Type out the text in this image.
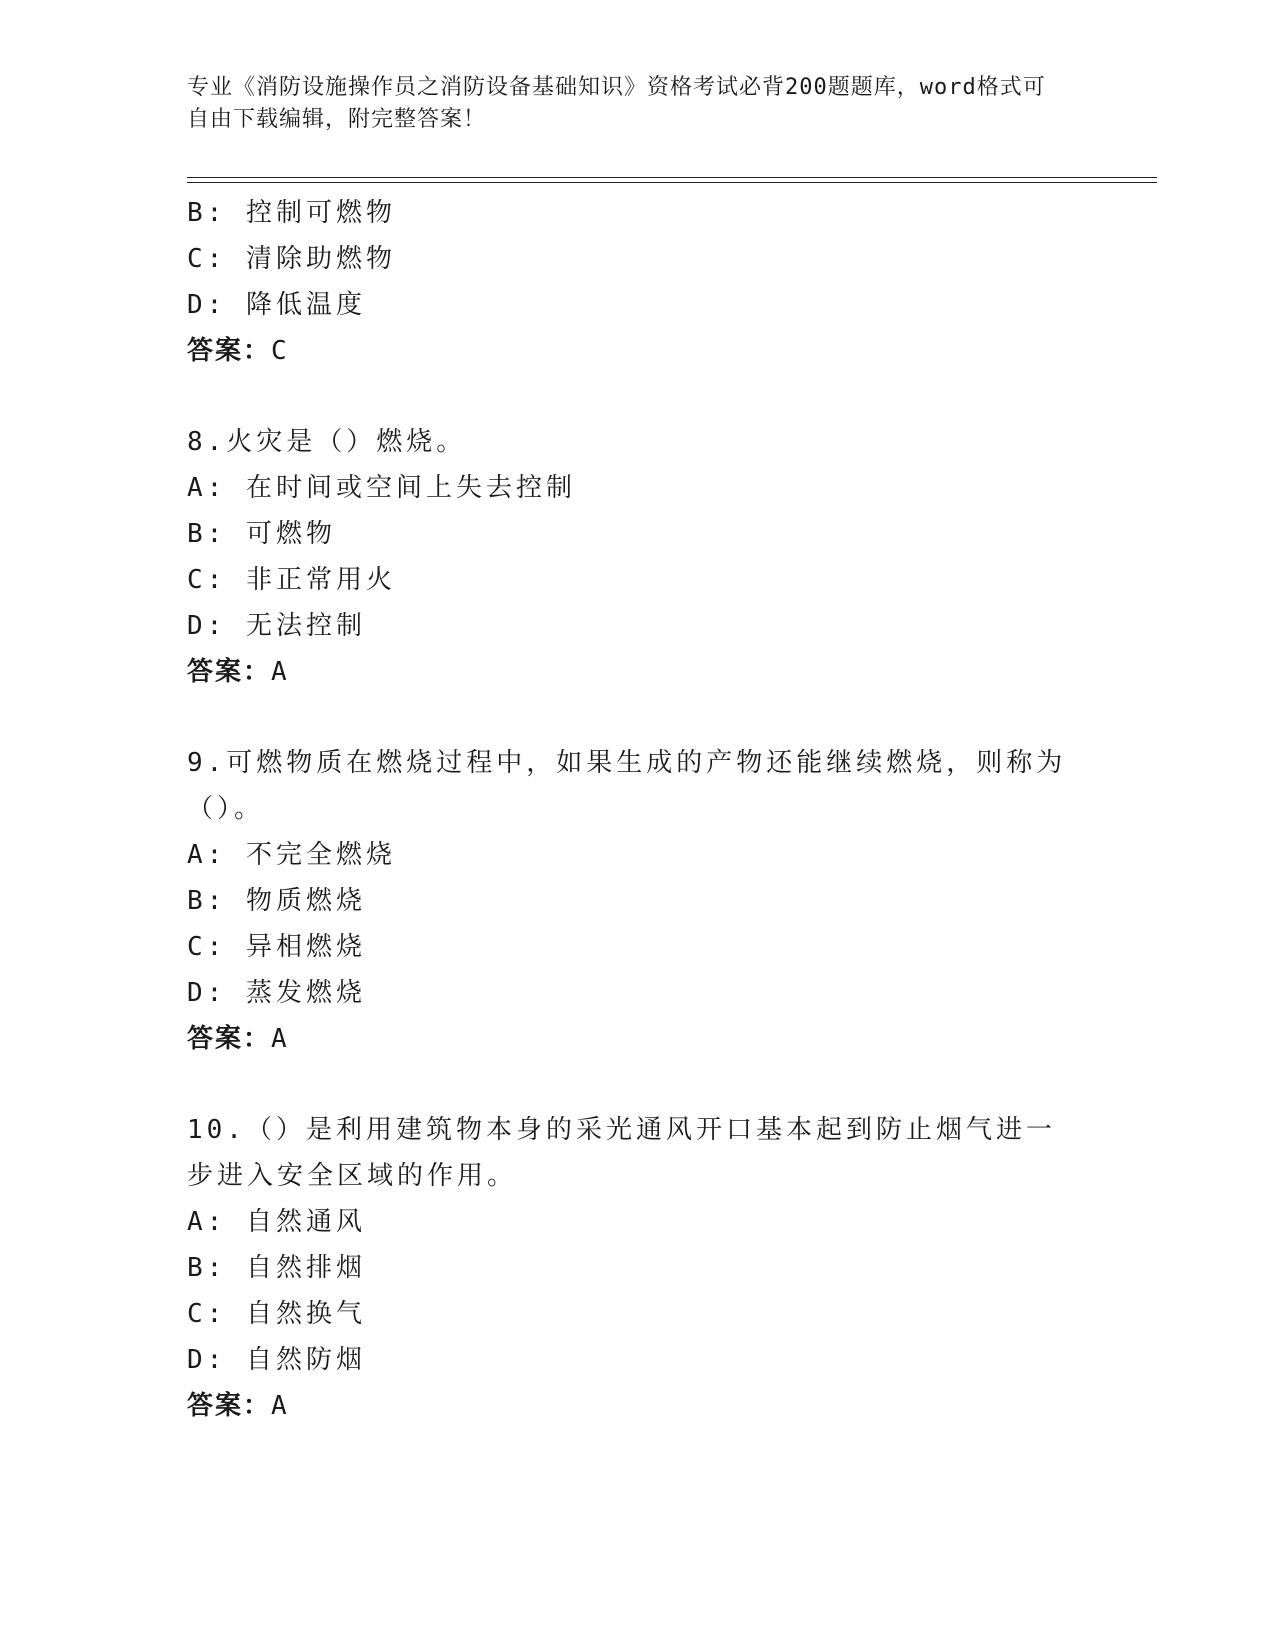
专业《消防设施操作员之消防设备基础知识》资格考试必背200题题库，word格式可自由下载编辑，附完整答案！
B: 控制可燃物
C: 清除助燃物
D: 降低温度
答案：C
8.火灾是（）燃烧。
A: 在时间或空间上失去控制
B: 可燃物
C: 非正常用火
D: 无法控制
答案：A
9.可燃物质在燃烧过程中，如果生成的产物还能继续燃烧，则称为（）。
A: 不完全燃烧
B: 物质燃烧
C: 异相燃烧
D: 蒸发燃烧
答案：A
10.（）是利用建筑物本身的采光通风开口基本起到防止烟气进一步进入安全区域的作用。
A: 自然通风
B: 自然排烟
C: 自然换气
D: 自然防烟
答案：A
